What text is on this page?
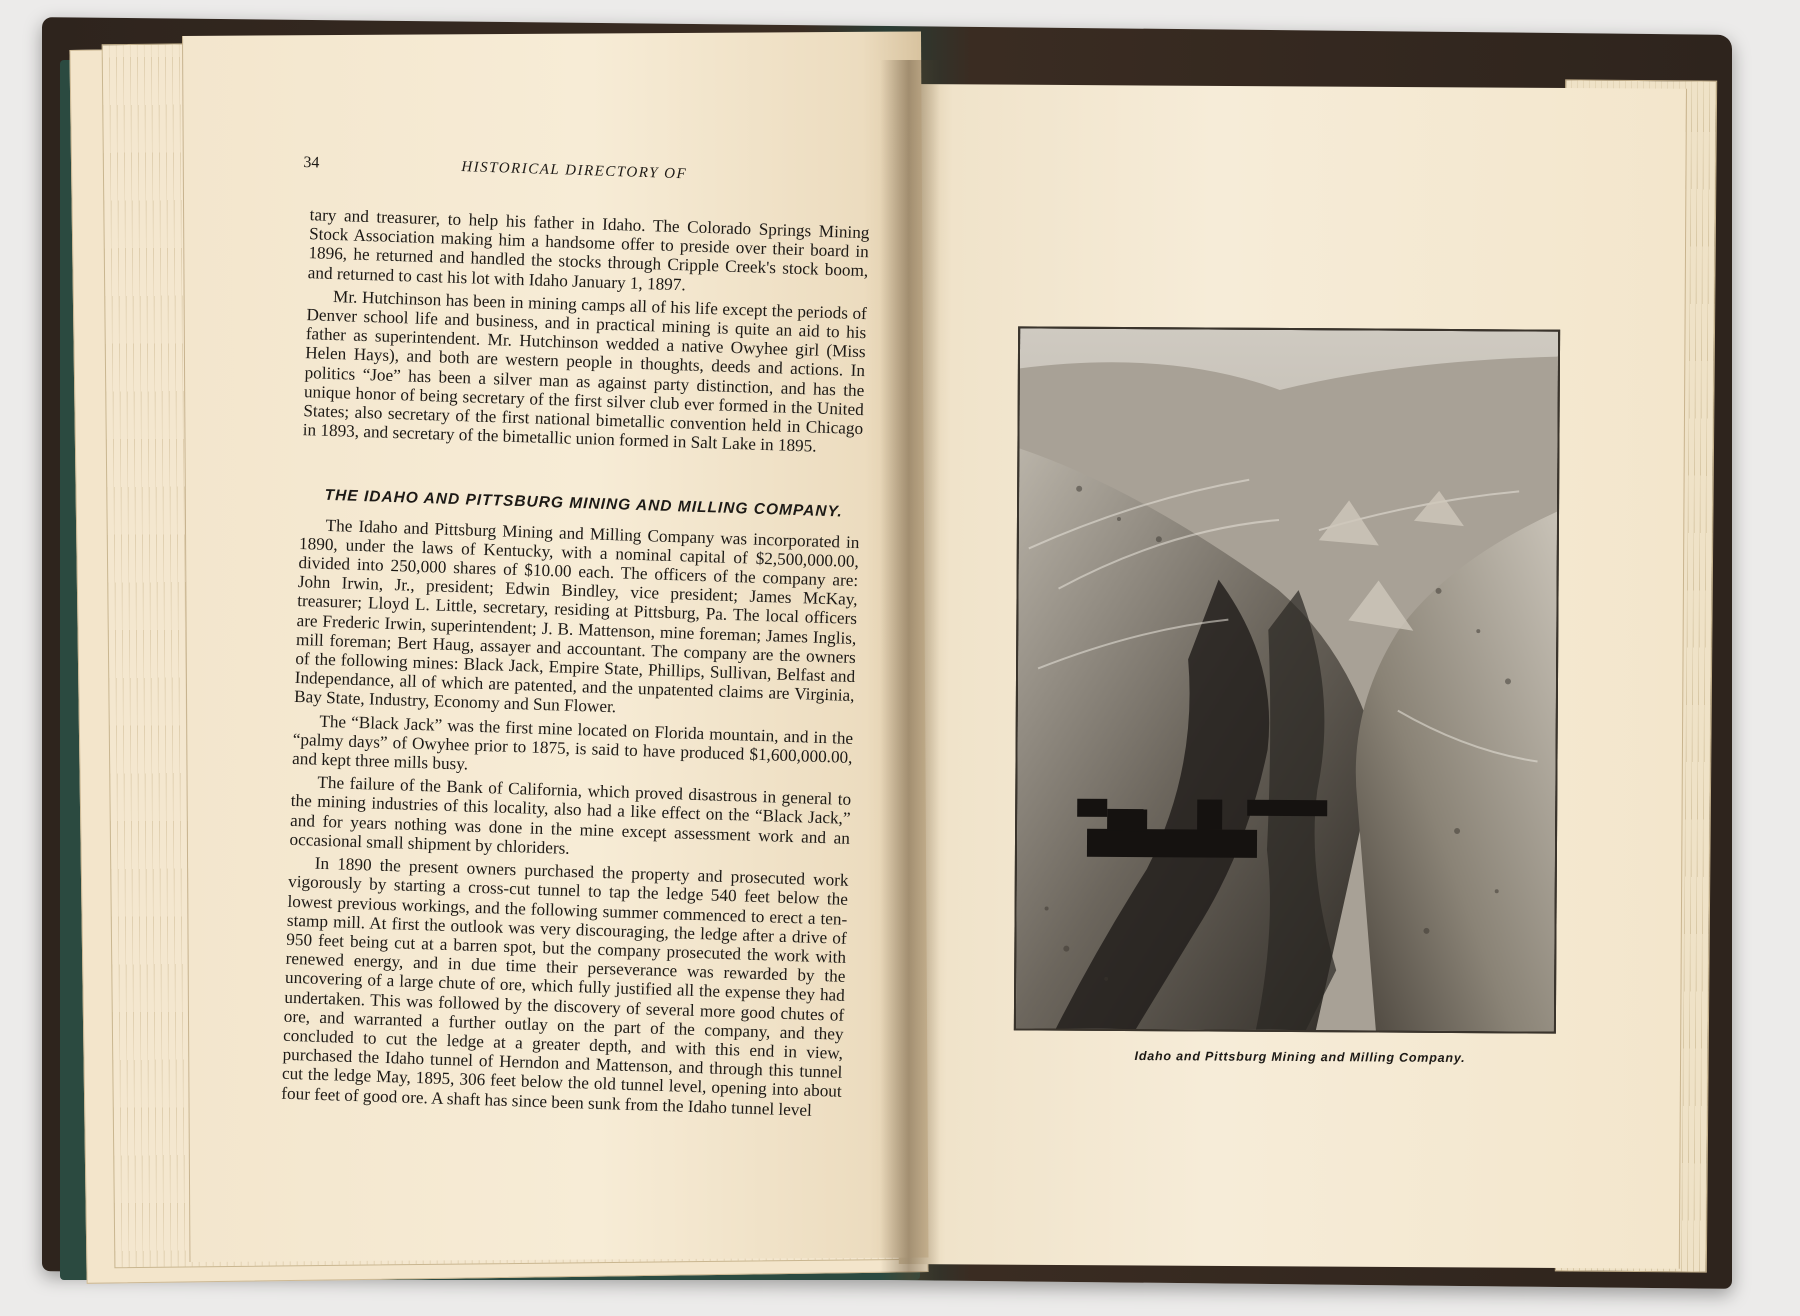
34	HISTORICAL DIRECTORY OF

tary and treasurer, to help his father in Idaho. The Colorado Springs Mining Stock Association making him a handsome offer to preside over their board in 1896, he returned and handled the stocks through Cripple Creek's stock boom, and returned to cast his lot with Idaho January 1, 1897.

Mr. Hutchinson has been in mining camps all of his life except the periods of Denver school life and business, and in practical mining is quite an aid to his father as superintendent. Mr. Hutchinson wedded a native Owyhee girl (Miss Helen Hays), and both are western people in thoughts, deeds and actions. In politics “Joe” has been a silver man as against party distinction, and has the unique honor of being secretary of the first silver club ever formed in the United States; also secretary of the first national bimetallic convention held in Chicago in 1893, and secretary of the bimetallic union formed in Salt Lake in 1895.

THE IDAHO AND PITTSBURG MINING AND MILLING COMPANY.

The Idaho and Pittsburg Mining and Milling Company was incorporated in 1890, under the laws of Kentucky, with a nominal capital of $2,500,000.00, divided into 250,000 shares of $10.00 each. The officers of the company are: John Irwin, Jr., president; Edwin Bindley, vice president; James McKay, treasurer; Lloyd L. Little, secretary, residing at Pittsburg, Pa. The local officers are Frederic Irwin, superintendent; J. B. Mattenson, mine foreman; James Inglis, mill foreman; Bert Haug, assayer and accountant. The company are the owners of the following mines: Black Jack, Empire State, Phillips, Sullivan, Belfast and Independance, all of which are patented, and the unpatented claims are Virginia, Bay State, Industry, Economy and Sun Flower.

The “Black Jack” was the first mine located on Florida mountain, and in the “palmy days” of Owyhee prior to 1875, is said to have produced $1,600,000.00, and kept three mills busy.

The failure of the Bank of California, which proved disastrous in general to the mining industries of this locality, also had a like effect on the “Black Jack,” and for years nothing was done in the mine except assessment work and an occasional small shipment by chloriders.

In 1890 the present owners purchased the property and prosecuted work vigorously by starting a cross-cut tunnel to tap the ledge 540 feet below the lowest previous workings, and the following summer commenced to erect a ten-stamp mill. At first the outlook was very discouraging, the ledge after a drive of 950 feet being cut at a barren spot, but the company prosecuted the work with renewed energy, and in due time their perseverance was rewarded by the uncovering of a large chute of ore, which fully justified all the expense they had undertaken. This was followed by the discovery of several more good chutes of ore, and warranted a further outlay on the part of the company, and they concluded to cut the ledge at a greater depth, and with this end in view, purchased the Idaho tunnel of Herndon and Mattenson, and through this tunnel cut the ledge May, 1895, 306 feet below the old tunnel level, opening into about four feet of good ore. A shaft has since been sunk from the Idaho tunnel level

Idaho and Pittsburg Mining and Milling Company.
